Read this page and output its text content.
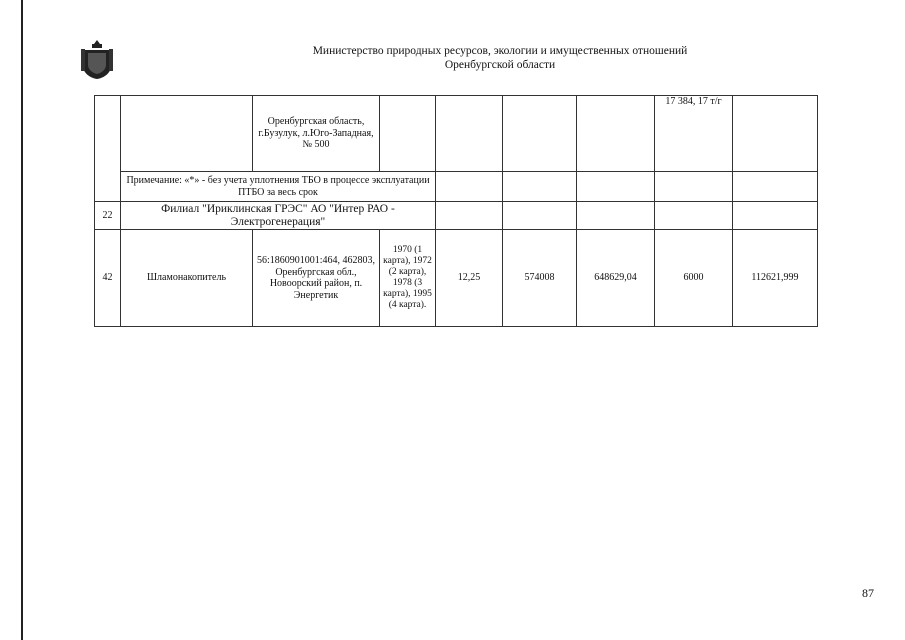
Министерство природных ресурсов, экологии и имущественных отношений
Оренбургской области
		Оренбургская область, г.Бузулук, л.Юго-Западная, № 500					17 384, 17 т/г	
	Примечание: «*» - без учета уплотнения ТБО в процессе эксплуатации ПТБО за весь срок							
22	Филиал "Ириклинская ГРЭС" АО "Интер РАО - Электрогенерация"							
42	Шламонакопитель	56:1860901001:464, 462803, Оренбургская обл., Новоорский район, п. Энергетик	1970 (1 карта), 1972 (2 карта), 1978 (3 карта), 1995 (4 карта).	12,25	574008	648629,04	6000	112621,999
87
